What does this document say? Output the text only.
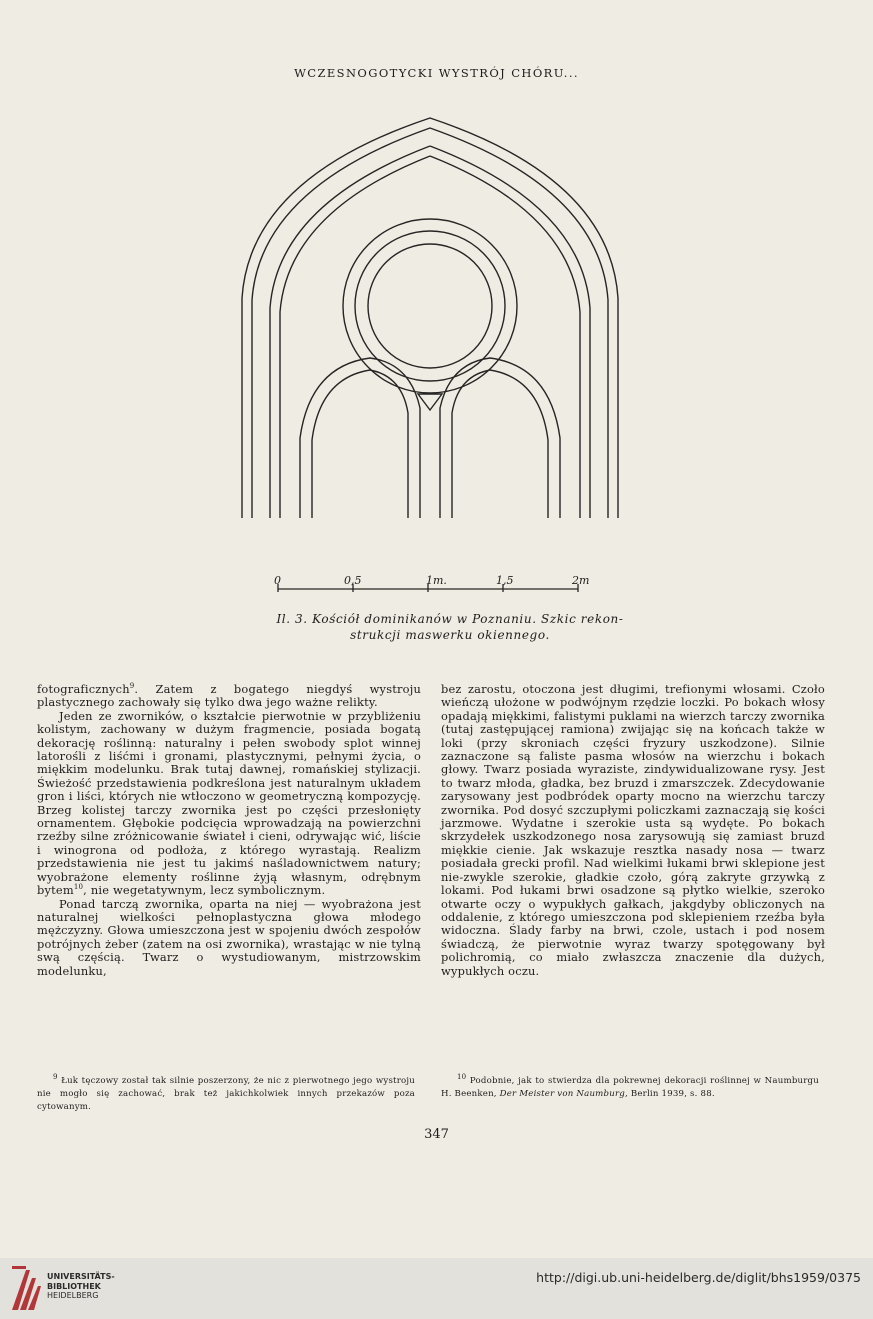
WCZESNOGOTYCKI WYSTRÓJ CHÓRU...
0	0,5	1m.	1,5	2m
Il. 3. Kościół dominikanów w Poznaniu. Szkic rekon-
strukcji maswerku okiennego.

fotograficznych$^9$. Zatem z bogatego niegdyś wystroju plastycznego zachowały się tylko dwa jego ważne relikty.

Jeden ze zworników, o kształcie pierwotnie w przybliżeniu kolistym, zachowany w dużym fragmencie, posiada bogatą dekorację roślinną: naturalny i pełen swobody splot winnej latorośli z liśćmi i gronami, plastycznymi, pełnymi życia, o miękkim modelunku. Brak tutaj dawnej, romańskiej stylizacji. Świeżość przedstawienia podkreślona jest naturalnym układem gron i liści, których nie wtłoczono w geometryczną kompozycję. Brzeg kolistej tarczy zwornika jest po części przesłonięty ornamentem. Głębokie podcięcia wprowadzają na powierzchni rzeźby silne zróżnicowanie świateł i cieni, odrywając wić, liście i winogrona od podłoża, z którego wyrastają. Realizm przedstawienia nie jest tu jakimś naśladownictwem natury; wyobrażone elementy roślinne żyją własnym, odrębnym bytem$^{10}$, nie wegetatywnym, lecz symbolicznym.

Ponad tarczą zwornika, oparta na niej — wyobrażona jest naturalnej wielkości pełnoplastyczna głowa młodego mężczyzny. Głowa umieszczona jest w spojeniu dwóch zespołów potrójnych żeber (zatem na osi zwornika), wrastając w nie tylną swą częścią. Twarz o wystudiowanym, mistrzowskim modelunku,

bez zarostu, otoczona jest długimi, trefionymi włosami. Czoło wieńczą ułożone w podwójnym rzędzie loczki. Po bokach włosy opadają miękkimi, falistymi puklami na wierzch tarczy zwornika (tutaj zastępującej ramiona) zwijając się na końcach także w loki (przy skroniach części fryzury uszkodzone). Silnie zaznaczone są faliste pasma włosów na wierzchu i bokach głowy. Twarz posiada wyraziste, zindywidualizowane rysy. Jest to twarz młoda, gładka, bez bruzd i zmarszczek. Zdecydowanie zarysowany jest podbródek oparty mocno na wierzchu tarczy zwornika. Pod dosyć szczupłymi policzkami zaznaczają się kości jarzmowe. Wydatne i szerokie usta są wydęte. Po bokach skrzydełek uszkodzonego nosa zarysowują się zamiast bruzd miękkie cienie. Jak wskazuje resztka nasady nosa — twarz posiadała grecki profil. Nad wielkimi łukami brwi sklepione jest nie-zwykle szerokie, gładkie czoło, górą zakryte grzywką z lokami. Pod łukami brwi osadzone są płytko wielkie, szeroko otwarte oczy o wypukłych gałkach, jakgdyby obliczonych na oddalenie, z którego umieszczona pod sklepieniem rzeźba była widoczna. Ślady farby na brwi, czole, ustach i pod nosem świadczą, że pierwotnie wyraz twarzy spotęgowany był polichromią, co miało zwłaszcza znaczenie dla dużych, wypukłych oczu.

$^9$ Łuk tęczowy został tak silnie poszerzony, że nic z pierwotnego jego wystroju nie mogło się zachować, brak też jakichkolwiek innych przekazów poza cytowanym.

$^{10}$ Podobnie, jak to stwierdza dla pokrewnej dekoracji roślinnej w Naumburgu H. Beenken, Der Meister von Naumburg, Berlin 1939, s. 88.

347
UNIVERSITÄTS-
BIBLIOTHEK
HEIDELBERG
http://digi.ub.uni-heidelberg.de/diglit/bhs1959/0375
